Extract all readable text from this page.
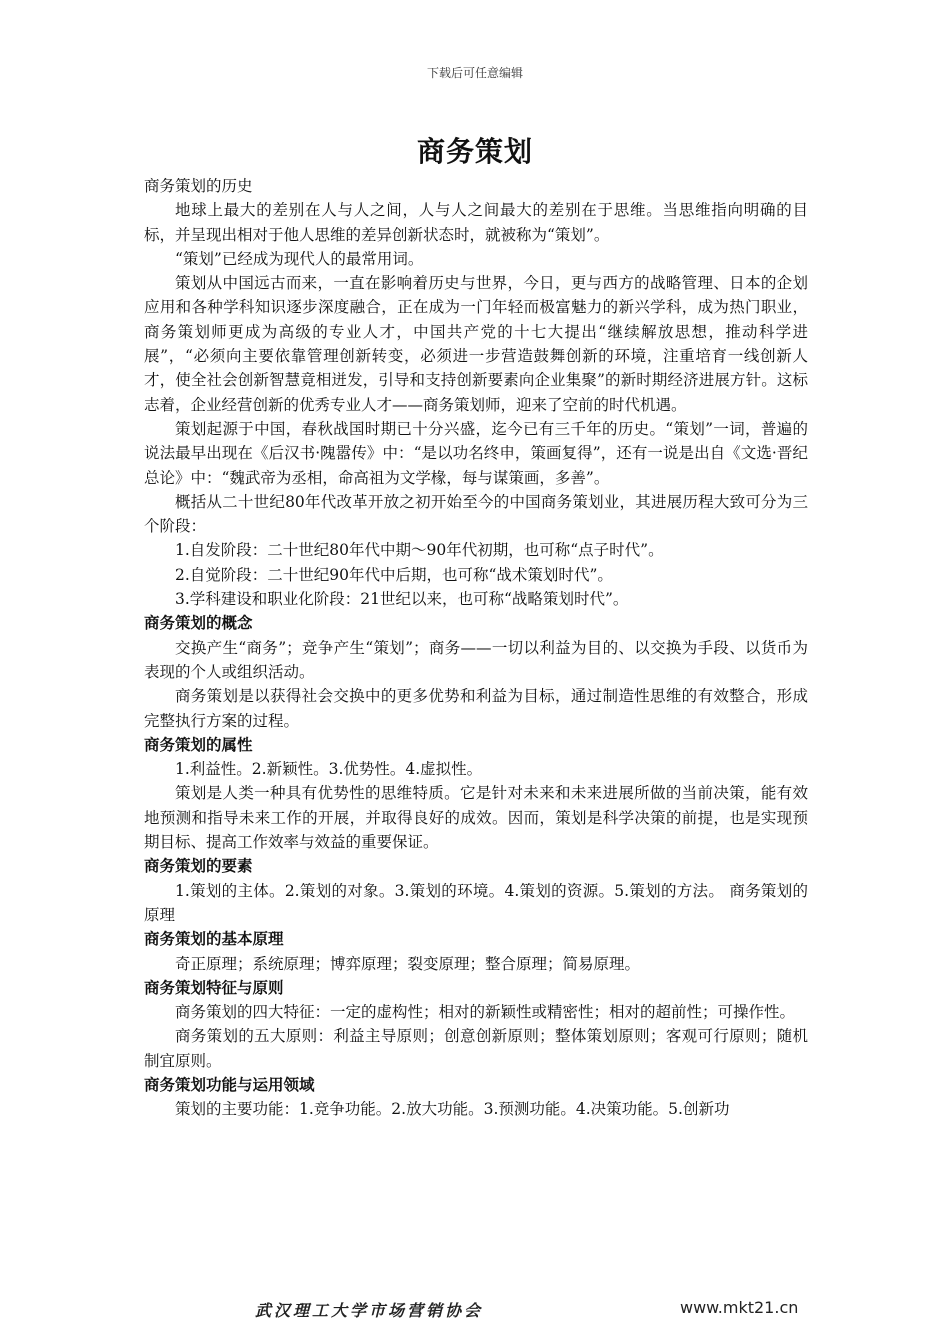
下载后可任意编辑
商务策划

商务策划的历史

地球上最大的差别在人与人之间，人与人之间最大的差别在于思维。当思维指向明确的目标，并呈现出相对于他人思维的差异创新状态时，就被称为“策划”。

“策划”已经成为现代人的最常用词。

策划从中国远古而来，一直在影响着历史与世界，今日，更与西方的战略管理、日本的企划应用和各种学科知识逐步深度融合，正在成为一门年轻而极富魅力的新兴学科，成为热门职业，商务策划师更成为高级的专业人才，中国共产党的十七大提出“继续解放思想，推动科学进展”，“必须向主要依靠管理创新转变，必须进一步营造鼓舞创新的环境，注重培育一线创新人才，使全社会创新智慧竟相迸发，引导和支持创新要素向企业集聚”的新时期经济进展方针。这标志着，企业经营创新的优秀专业人才——商务策划师，迎来了空前的时代机遇。

策划起源于中国，春秋战国时期已十分兴盛，迄今已有三千年的历史。“策划”一词，普遍的说法最早出现在《后汉书·隗嚣传》中：“是以功名终申，策画复得”，还有一说是出自《文选·晋纪总论》中：“魏武帝为丞相，命高祖为文学椽，每与谋策画，多善”。

概括从二十世纪80年代改革开放之初开始至今的中国商务策划业，其进展历程大致可分为三个阶段：

1.自发阶段：二十世纪80年代中期～90年代初期，也可称“点子时代”。

2.自觉阶段：二十世纪90年代中后期，也可称“战术策划时代”。

3.学科建设和职业化阶段：21世纪以来，也可称“战略策划时代”。

商务策划的概念

交换产生“商务”；竞争产生“策划”；商务——一切以利益为目的、以交换为手段、以货币为表现的个人或组织活动。

商务策划是以获得社会交换中的更多优势和利益为目标，通过制造性思维的有效整合，形成完整执行方案的过程。

商务策划的属性

1.利益性。2.新颖性。3.优势性。4.虚拟性。

策划是人类一种具有优势性的思维特质。它是针对未来和未来进展所做的当前决策，能有效地预测和指导未来工作的开展，并取得良好的成效。因而，策划是科学决策的前提，也是实现预期目标、提高工作效率与效益的重要保证。

商务策划的要素

1.策划的主体。2.策划的对象。3.策划的环境。4.策划的资源。5.策划的方法。 商务策划的原理

商务策划的基本原理

奇正原理；系统原理；博弈原理；裂变原理；整合原理；简易原理。

商务策划特征与原则

商务策划的四大特征：一定的虚构性；相对的新颖性或精密性；相对的超前性；可操作性。

商务策划的五大原则：利益主导原则；创意创新原则；整体策划原则；客观可行原则；随机制宜原则。

商务策划功能与运用领域

策划的主要功能：1.竞争功能。2.放大功能。3.预测功能。4.决策功能。5.创新功

武汉理工大学市场营销协会	www.mkt21.cn
